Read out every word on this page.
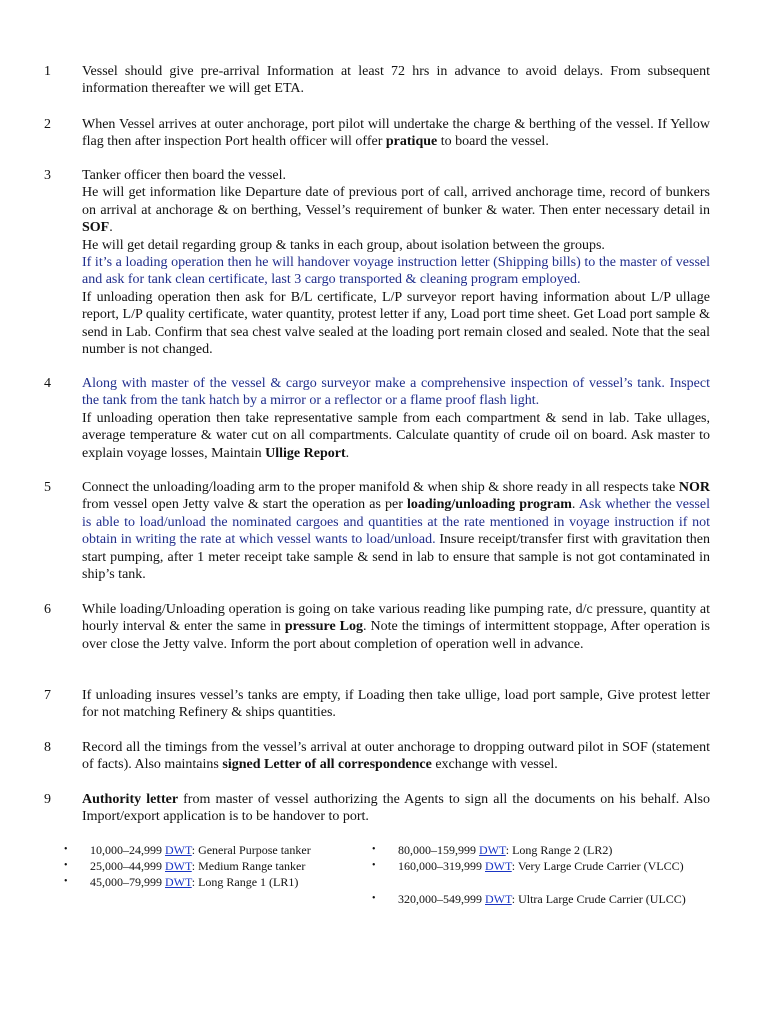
1 Vessel should give pre-arrival Information at least 72 hrs in advance to avoid delays. From subsequent information thereafter we will get ETA.

2 When Vessel arrives at outer anchorage, port pilot will undertake the charge & berthing of the vessel. If Yellow flag then after inspection Port health officer will offer pratique to board the vessel.

3 Tanker officer then board the vessel.

He will get information like Departure date of previous port of call, arrived anchorage time, record of bunkers on arrival at anchorage & on berthing, Vessel’s requirement of bunker & water. Then enter necessary detail in SOF.

He will get detail regarding group & tanks in each group, about isolation between the groups.

If it’s a loading operation then he will handover voyage instruction letter (Shipping bills) to the master of vessel and ask for tank clean certificate, last 3 cargo transported & cleaning program employed.

If unloading operation then ask for B/L certificate, L/P surveyor report having information about L/P ullage report, L/P quality certificate, water quantity, protest letter if any, Load port time sheet. Get Load port sample & send in Lab. Confirm that sea chest valve sealed at the loading port remain closed and sealed. Note that the seal number is not changed.

4 Along with master of the vessel & cargo surveyor make a comprehensive inspection of vessel’s tank. Inspect the tank from the tank hatch by a mirror or a reflector or a flame proof flash light.

If unloading operation then take representative sample from each compartment & send in lab. Take ullages, average temperature & water cut on all compartments. Calculate quantity of crude oil on board. Ask master to explain voyage losses, Maintain Ullige Report.

5 Connect the unloading/loading arm to the proper manifold & when ship & shore ready in all respects take NOR from vessel open Jetty valve & start the operation as per loading/unloading program. Ask whether the vessel is able to load/unload the nominated cargoes and quantities at the rate mentioned in voyage instruction if not obtain in writing the rate at which vessel wants to load/unload. Insure receipt/transfer first with gravitation then start pumping, after 1 meter receipt take sample & send in lab to ensure that sample is not got contaminated in ship’s tank.

6 While loading/Unloading operation is going on take various reading like pumping rate, d/c pressure, quantity at hourly interval & enter the same in pressure Log. Note the timings of intermittent stoppage, After operation is over close the Jetty valve. Inform the port about completion of operation well in advance.

7 If unloading insures vessel’s tanks are empty, if Loading then take ullige, load port sample, Give protest letter for not matching Refinery & ships quantities.

8 Record all the timings from the vessel’s arrival at outer anchorage to dropping outward pilot in SOF (statement of facts). Also maintains signed Letter of all correspondence exchange with vessel.

9 Authority letter from master of vessel authorizing the Agents to sign all the documents on his behalf. Also Import/export application is to be handover to port.

• 10,000–24,999 DWT: General Purpose tanker
• 25,000–44,999 DWT: Medium Range tanker
• 45,000–79,999 DWT: Long Range 1 (LR1)
• 80,000–159,999 DWT: Long Range 2 (LR2)
• 160,000–319,999 DWT: Very Large Crude Carrier (VLCC)
• 320,000–549,999 DWT: Ultra Large Crude Carrier (ULCC)
